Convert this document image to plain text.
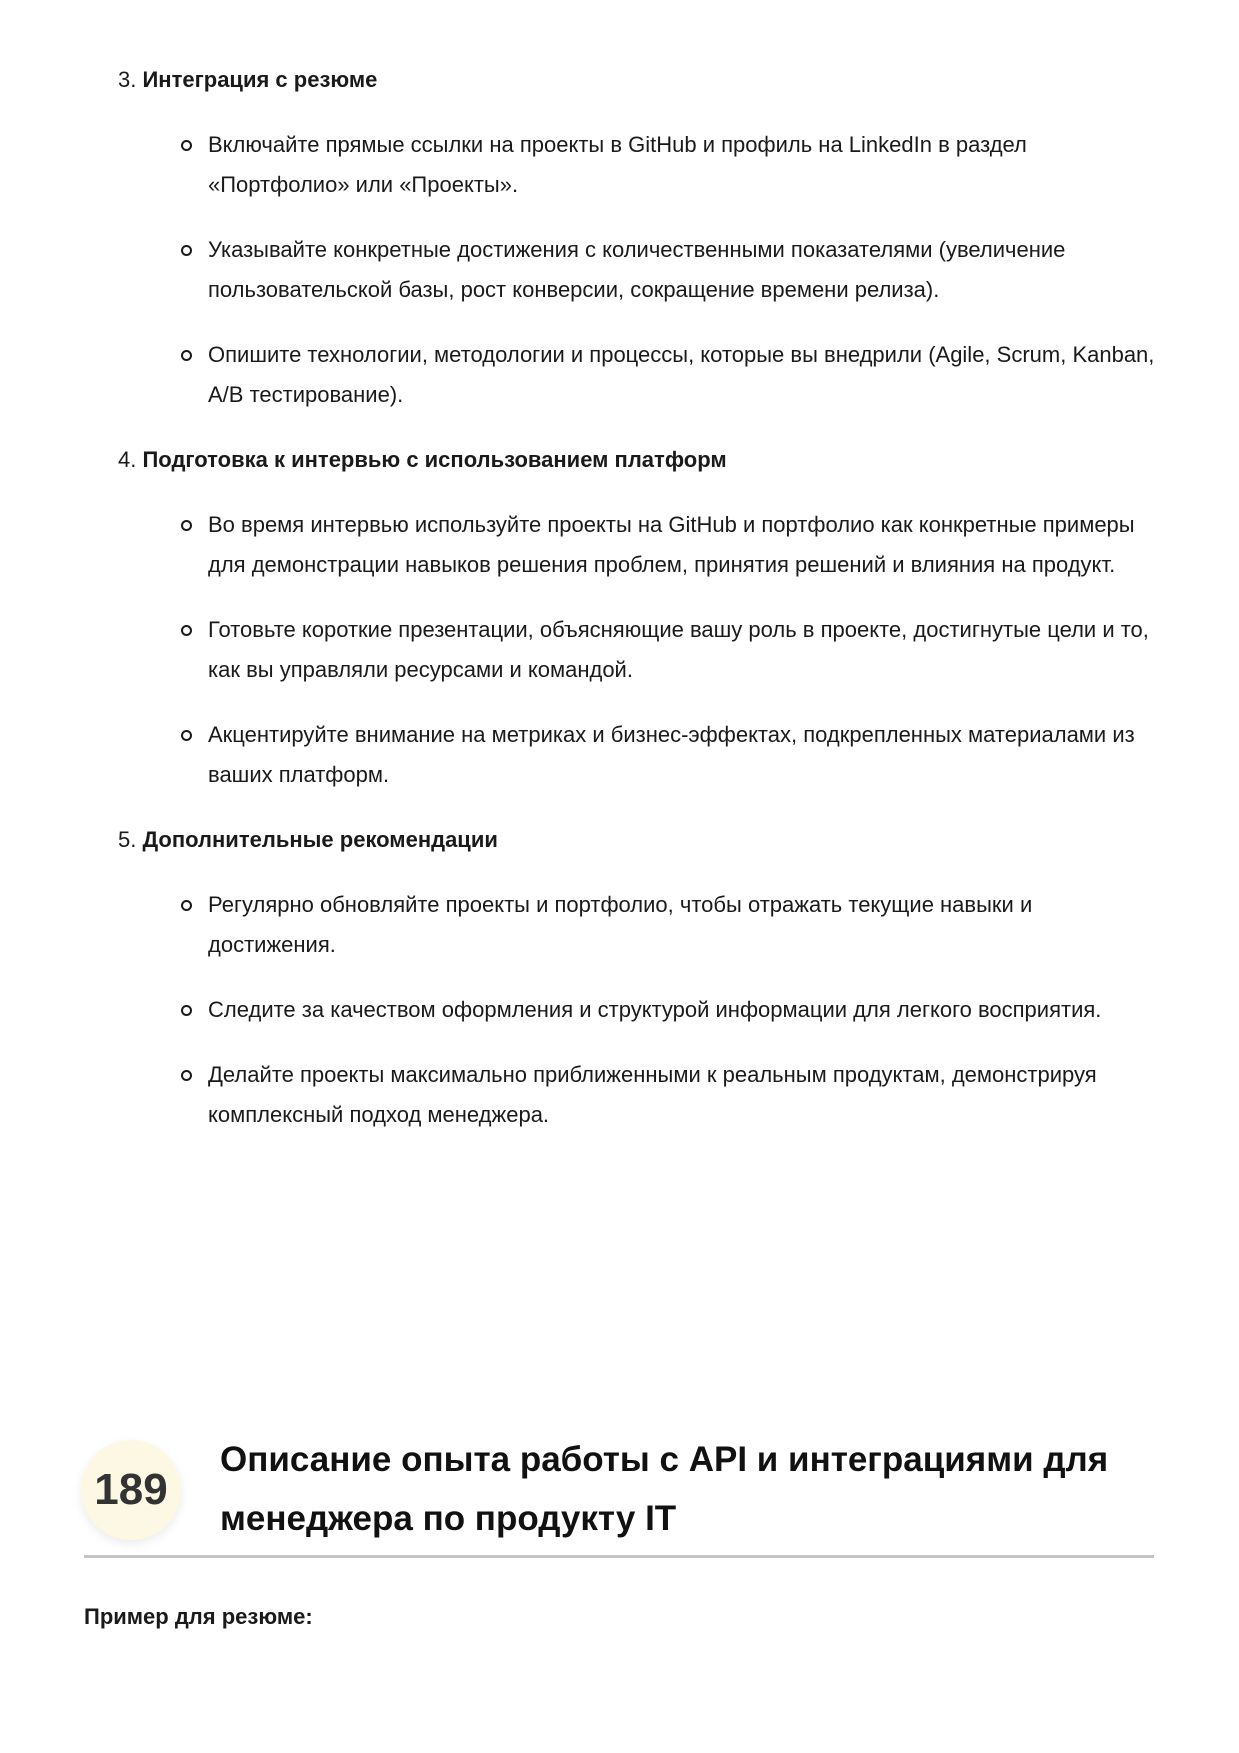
3. Интеграция с резюме
Включайте прямые ссылки на проекты в GitHub и профиль на LinkedIn в раздел «Портфолио» или «Проекты».
Указывайте конкретные достижения с количественными показателями (увеличение пользовательской базы, рост конверсии, сокращение времени релиза).
Опишите технологии, методологии и процессы, которые вы внедрили (Agile, Scrum, Kanban, A/B тестирование).
4. Подготовка к интервью с использованием платформ
Во время интервью используйте проекты на GitHub и портфолио как конкретные примеры для демонстрации навыков решения проблем, принятия решений и влияния на продукт.
Готовьте короткие презентации, объясняющие вашу роль в проекте, достигнутые цели и то, как вы управляли ресурсами и командой.
Акцентируйте внимание на метриках и бизнес-эффектах, подкрепленных материалами из ваших платформ.
5. Дополнительные рекомендации
Регулярно обновляйте проекты и портфолио, чтобы отражать текущие навыки и достижения.
Следите за качеством оформления и структурой информации для легкого восприятия.
Делайте проекты максимально приближенными к реальным продуктам, демонстрируя комплексный подход менеджера.
189
Описание опыта работы с API и интеграциями для
менеджера по продукту IT
Пример для резюме:
